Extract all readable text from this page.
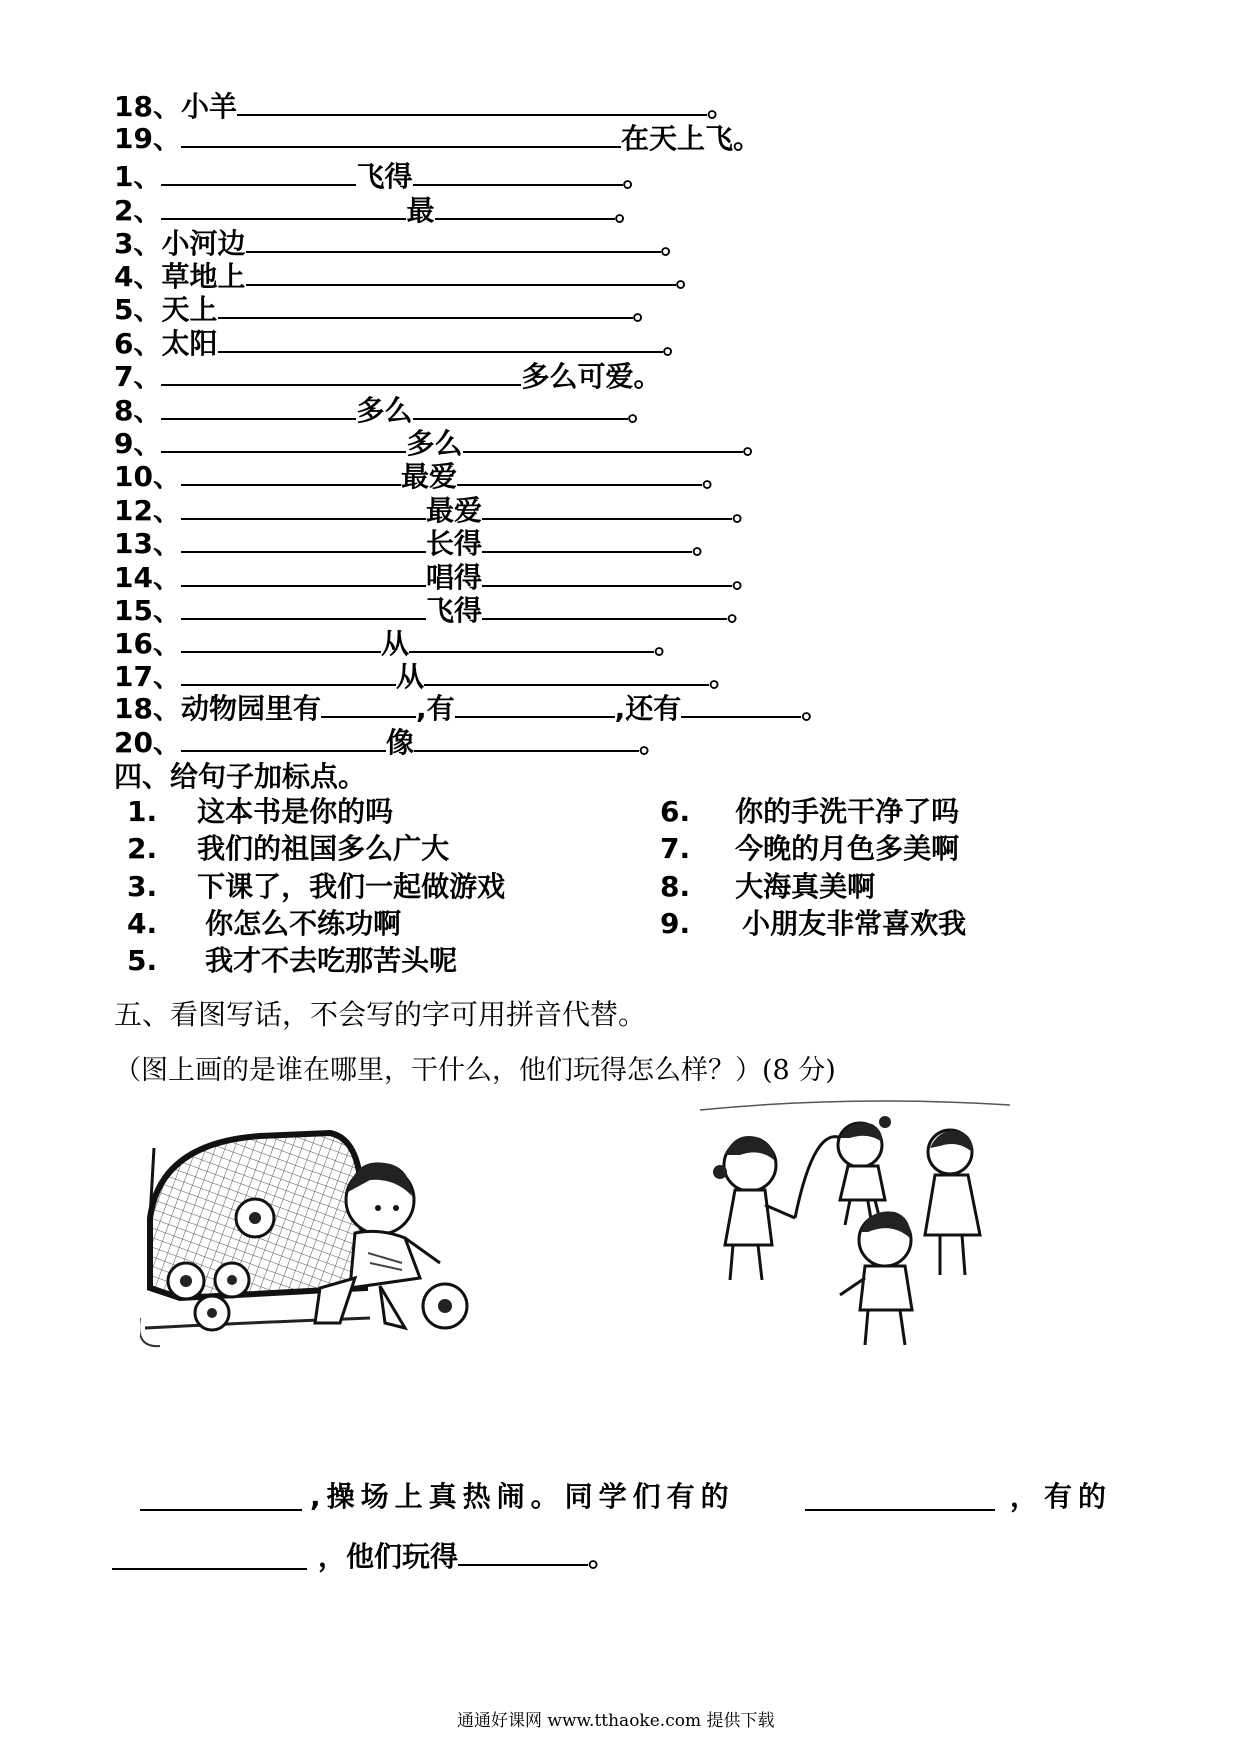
18、小羊	。
19、	在天上飞。
1、	飞得	。
2、	最	。
3、小河边	。
4、草地上	。
5、天上	。
6、太阳	。
7、	多么可爱。
8、	多么	。
9、	多么	。
10、	最爱	。
12、	最爱	。
13、	长得	。
14、	唱得	。
15、	飞得	。
16、	从	。
17、	从	。
18、动物园里有	,有	,还有	。
20、	像	。
四、给句子加标点。
1. 这本书是你的吗
2. 我们的祖国多么广大
3. 下课了，我们一起做游戏
4. 你怎么不练功啊
5. 我才不去吃那苦头呢
6. 你的手洗干净了吗
7. 今晚的月色多美啊
8. 大海真美啊
9. 小朋友非常喜欢我
五、看图写话，不会写的字可用拼音代替。
（图上画的是谁在哪里，干什么，他们玩得怎么样？）(8 分)
,操场上真热闹。同学们有的	，有的
，他们玩得	。
通通好课网 www.tthaoke.com 提供下载
